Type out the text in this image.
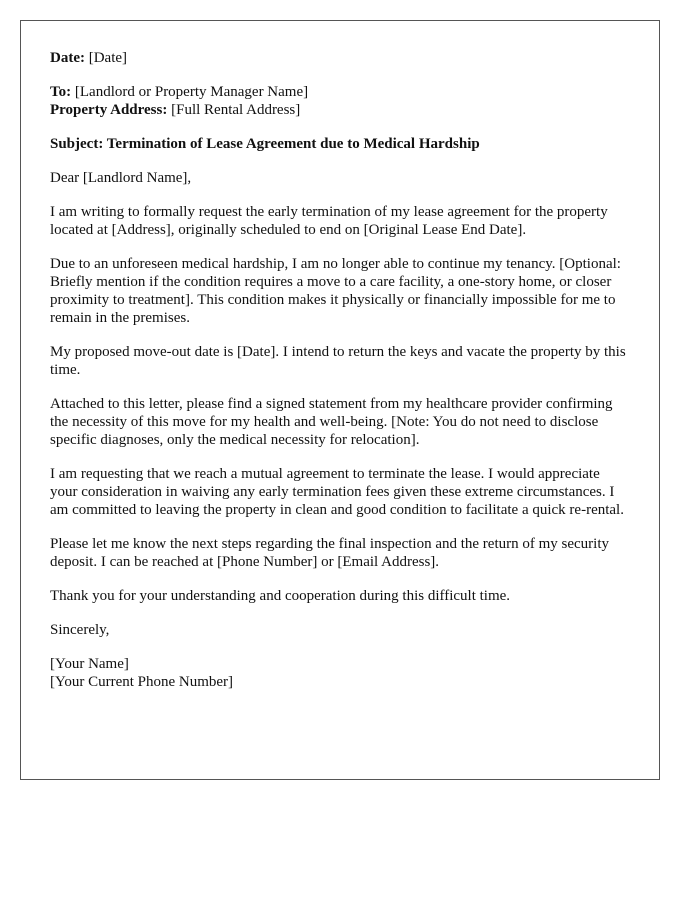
Date: [Date]

To: [Landlord or Property Manager Name]
Property Address: [Full Rental Address]

Subject: Termination of Lease Agreement due to Medical Hardship

Dear [Landlord Name],

I am writing to formally request the early termination of my lease agreement for the property located at [Address], originally scheduled to end on [Original Lease End Date].

Due to an unforeseen medical hardship, I am no longer able to continue my tenancy. [Optional: Briefly mention if the condition requires a move to a care facility, a one-story home, or closer proximity to treatment]. This condition makes it physically or financially impossible for me to remain in the premises.

My proposed move-out date is [Date]. I intend to return the keys and vacate the property by this time.

Attached to this letter, please find a signed statement from my healthcare provider confirming the necessity of this move for my health and well-being. [Note: You do not need to disclose specific diagnoses, only the medical necessity for relocation].

I am requesting that we reach a mutual agreement to terminate the lease. I would appreciate your consideration in waiving any early termination fees given these extreme circumstances. I am committed to leaving the property in clean and good condition to facilitate a quick re-rental.

Please let me know the next steps regarding the final inspection and the return of my security deposit. I can be reached at [Phone Number] or [Email Address].

Thank you for your understanding and cooperation during this difficult time.

Sincerely,

[Your Name]
[Your Current Phone Number]
